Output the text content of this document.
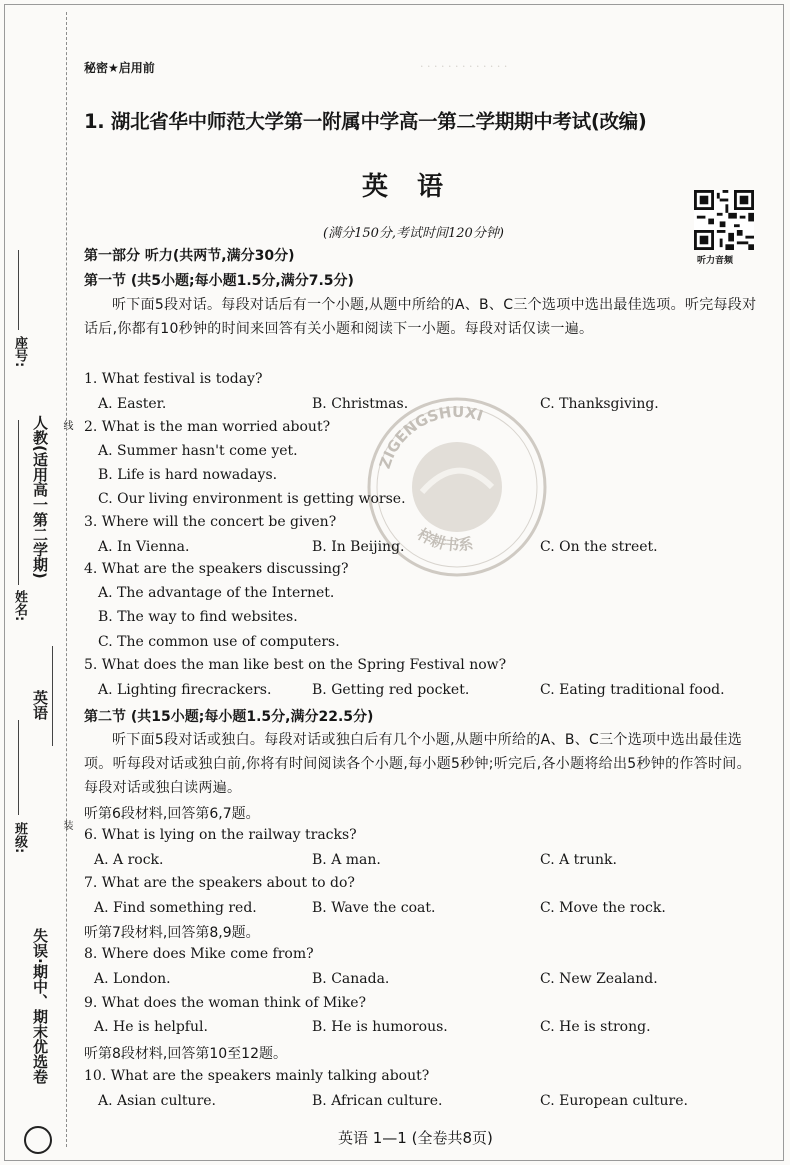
· · · · · · · · · · · · ·
失误·期中、期末优选卷
班级:
英语
姓名:
人教(适用高一第二学期)
座号:
线
装
秘密★启用前
1. 湖北省华中师范大学第一附属中学高一第二学期期中考试(改编)
英 语
(满分150分,考试时间120分钟)
听力音频
ZIGENGSHUXI
梓耕书系
第一部分 听力(共两节,满分30分)
第一节 (共5小题;每小题1.5分,满分7.5分)
听下面5段对话。每段对话后有一个小题,从题中所给的A、B、C三个选项中选出最佳选项。听完每段对话后,你都有10秒钟的时间来回答有关小题和阅读下一小题。每段对话仅读一遍。
1. What festival is today?
A. Easter.	B. Christmas.	C. Thanksgiving.
2. What is the man worried about?
A. Summer hasn't come yet.
B. Life is hard nowadays.
C. Our living environment is getting worse.
3. Where will the concert be given?
A. In Vienna.	B. In Beijing.	C. On the street.
4. What are the speakers discussing?
A. The advantage of the Internet.
B. The way to find websites.
C. The common use of computers.
5. What does the man like best on the Spring Festival now?
A. Lighting firecrackers.	B. Getting red pocket.	C. Eating traditional food.
第二节 (共15小题;每小题1.5分,满分22.5分)
听下面5段对话或独白。每段对话或独白后有几个小题,从题中所给的A、B、C三个选项中选出最佳选项。听每段对话或独白前,你将有时间阅读各个小题,每小题5秒钟;听完后,各小题将给出5秒钟的作答时间。每段对话或独白读两遍。
听第6段材料,回答第6,7题。
6. What is lying on the railway tracks?
A. A rock.	B. A man.	C. A trunk.
7. What are the speakers about to do?
A. Find something red.	B. Wave the coat.	C. Move the rock.
听第7段材料,回答第8,9题。
8. Where does Mike come from?
A. London.	B. Canada.	C. New Zealand.
9. What does the woman think of Mike?
A. He is helpful.	B. He is humorous.	C. He is strong.
听第8段材料,回答第10至12题。
10. What are the speakers mainly talking about?
A. Asian culture.	B. African culture.	C. European culture.
英语 1—1 (全卷共8页)
